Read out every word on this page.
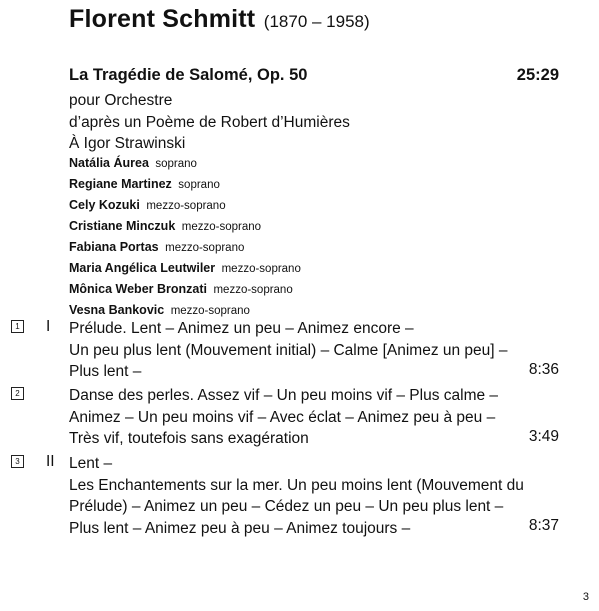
Florent Schmitt (1870 – 1958)
La Tragédie de Salomé, Op. 50	25:29
pour Orchestre
d’après un Poème de Robert d’Humières
À Igor Strawinski
Natália Áurea soprano
Regiane Martinez soprano
Cely Kozuki mezzo-soprano
Cristiane Minczuk mezzo-soprano
Fabiana Portas mezzo-soprano
Maria Angélica Leutwiler mezzo-soprano
Mônica Weber Bronzati mezzo-soprano
Vesna Bankovic mezzo-soprano
1 I Prélude. Lent – Animez un peu – Animez encore –
Un peu plus lent (Mouvement initial) – Calme [Animez un peu] –
Plus lent –	8:36
2	Danse des perles. Assez vif – Un peu moins vif – Plus calme –
Animez – Un peu moins vif – Avec éclat – Animez peu à peu –
Très vif, toutefois sans exagération	3:49
3 II Lent –
Les Enchantements sur la mer. Un peu moins lent (Mouvement du
Prélude) – Animez un peu – Cédez un peu – Un peu plus lent –
Plus lent – Animez peu à peu – Animez toujours –	8:37
3
